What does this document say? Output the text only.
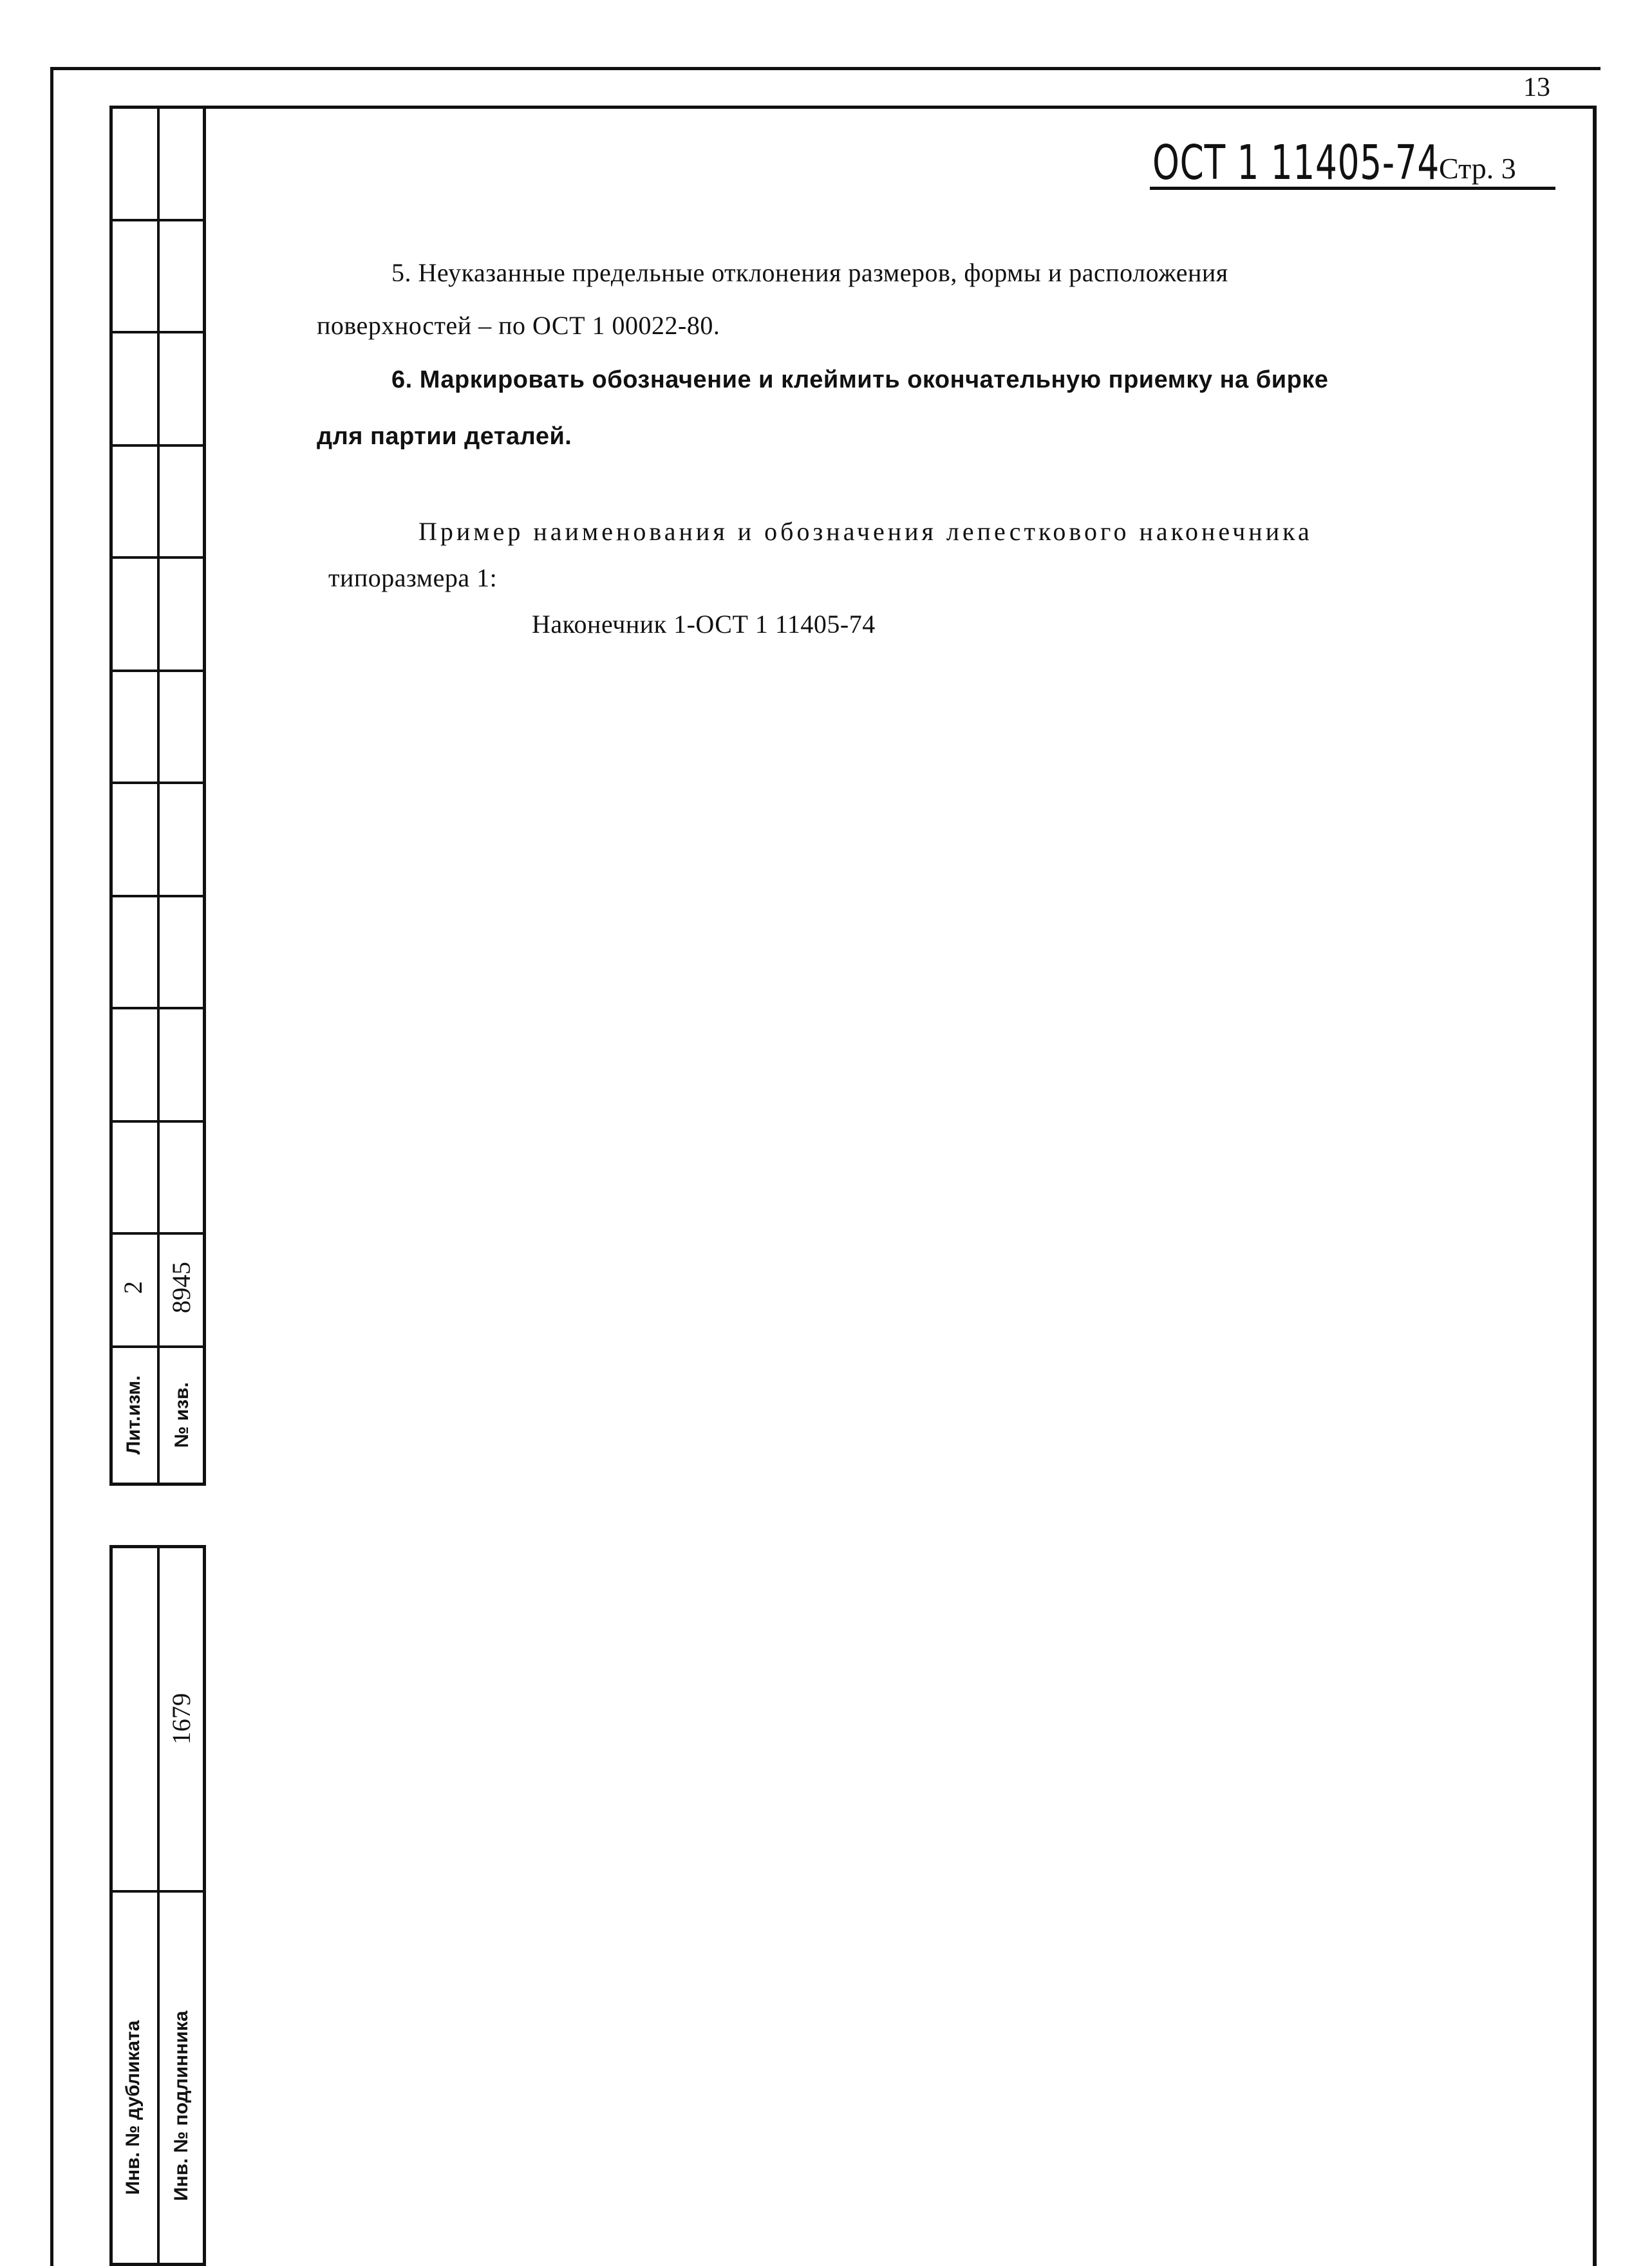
2 8945
Лит.изм. № изв.
1679
Инв. № дубликата Инв. № подлинника
13
ОСТ 1 11405-74
Стр. 3
5. Неуказанные предельные отклонения размеров, формы и расположения
поверхностей – по ОСТ 1 00022-80.
6. Маркировать обозначение и клеймить окончательную приемку на бирке
для партии деталей.
Пример наименования и обозначения лепесткового наконечника
типоразмера 1:
Наконечник 1-ОСТ 1 11405-74
